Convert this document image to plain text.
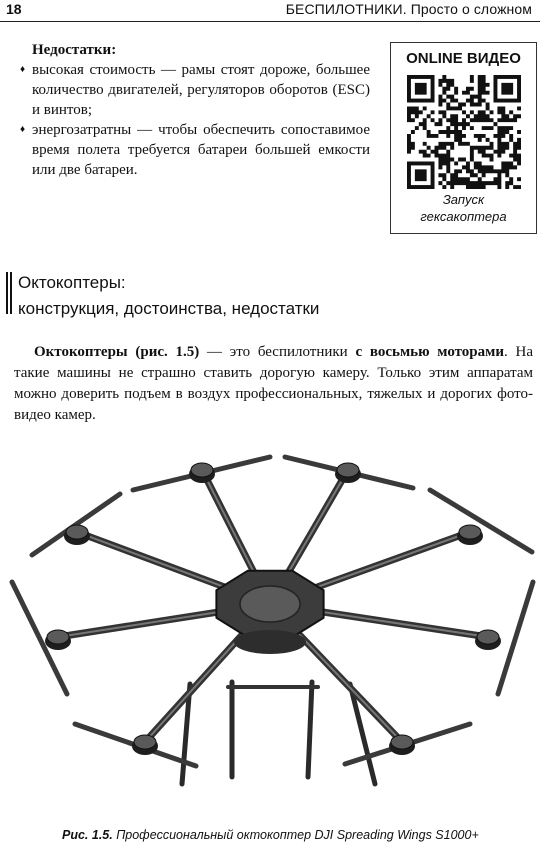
18	БЕСПИЛОТНИКИ. Просто о сложном
Недостатки:
♦ высокая стоимость — рамы стоят дороже, большее количество двигателей, регуляторов оборотов (ESC) и винтов;
♦ энергозатратны — чтобы обеспечить сопоставимое время полета требуется батареи большей емкости или две батареи.
ONLINE ВИДЕО
Запуск
гексакоптера
Октокоптеры:
конструкция, достоинства, недостатки

Октокоптеры (рис. 1.5) — это беспилотники с восьмью моторами. На такие машины не страшно ставить дорогую камеру. Только этим аппаратам можно доверить подъем в воздух профессиональных, тяжелых и дорогих фото-видео камер.

Рис. 1.5. Профессиональный октокоптер DJI Spreading Wings S1000+
